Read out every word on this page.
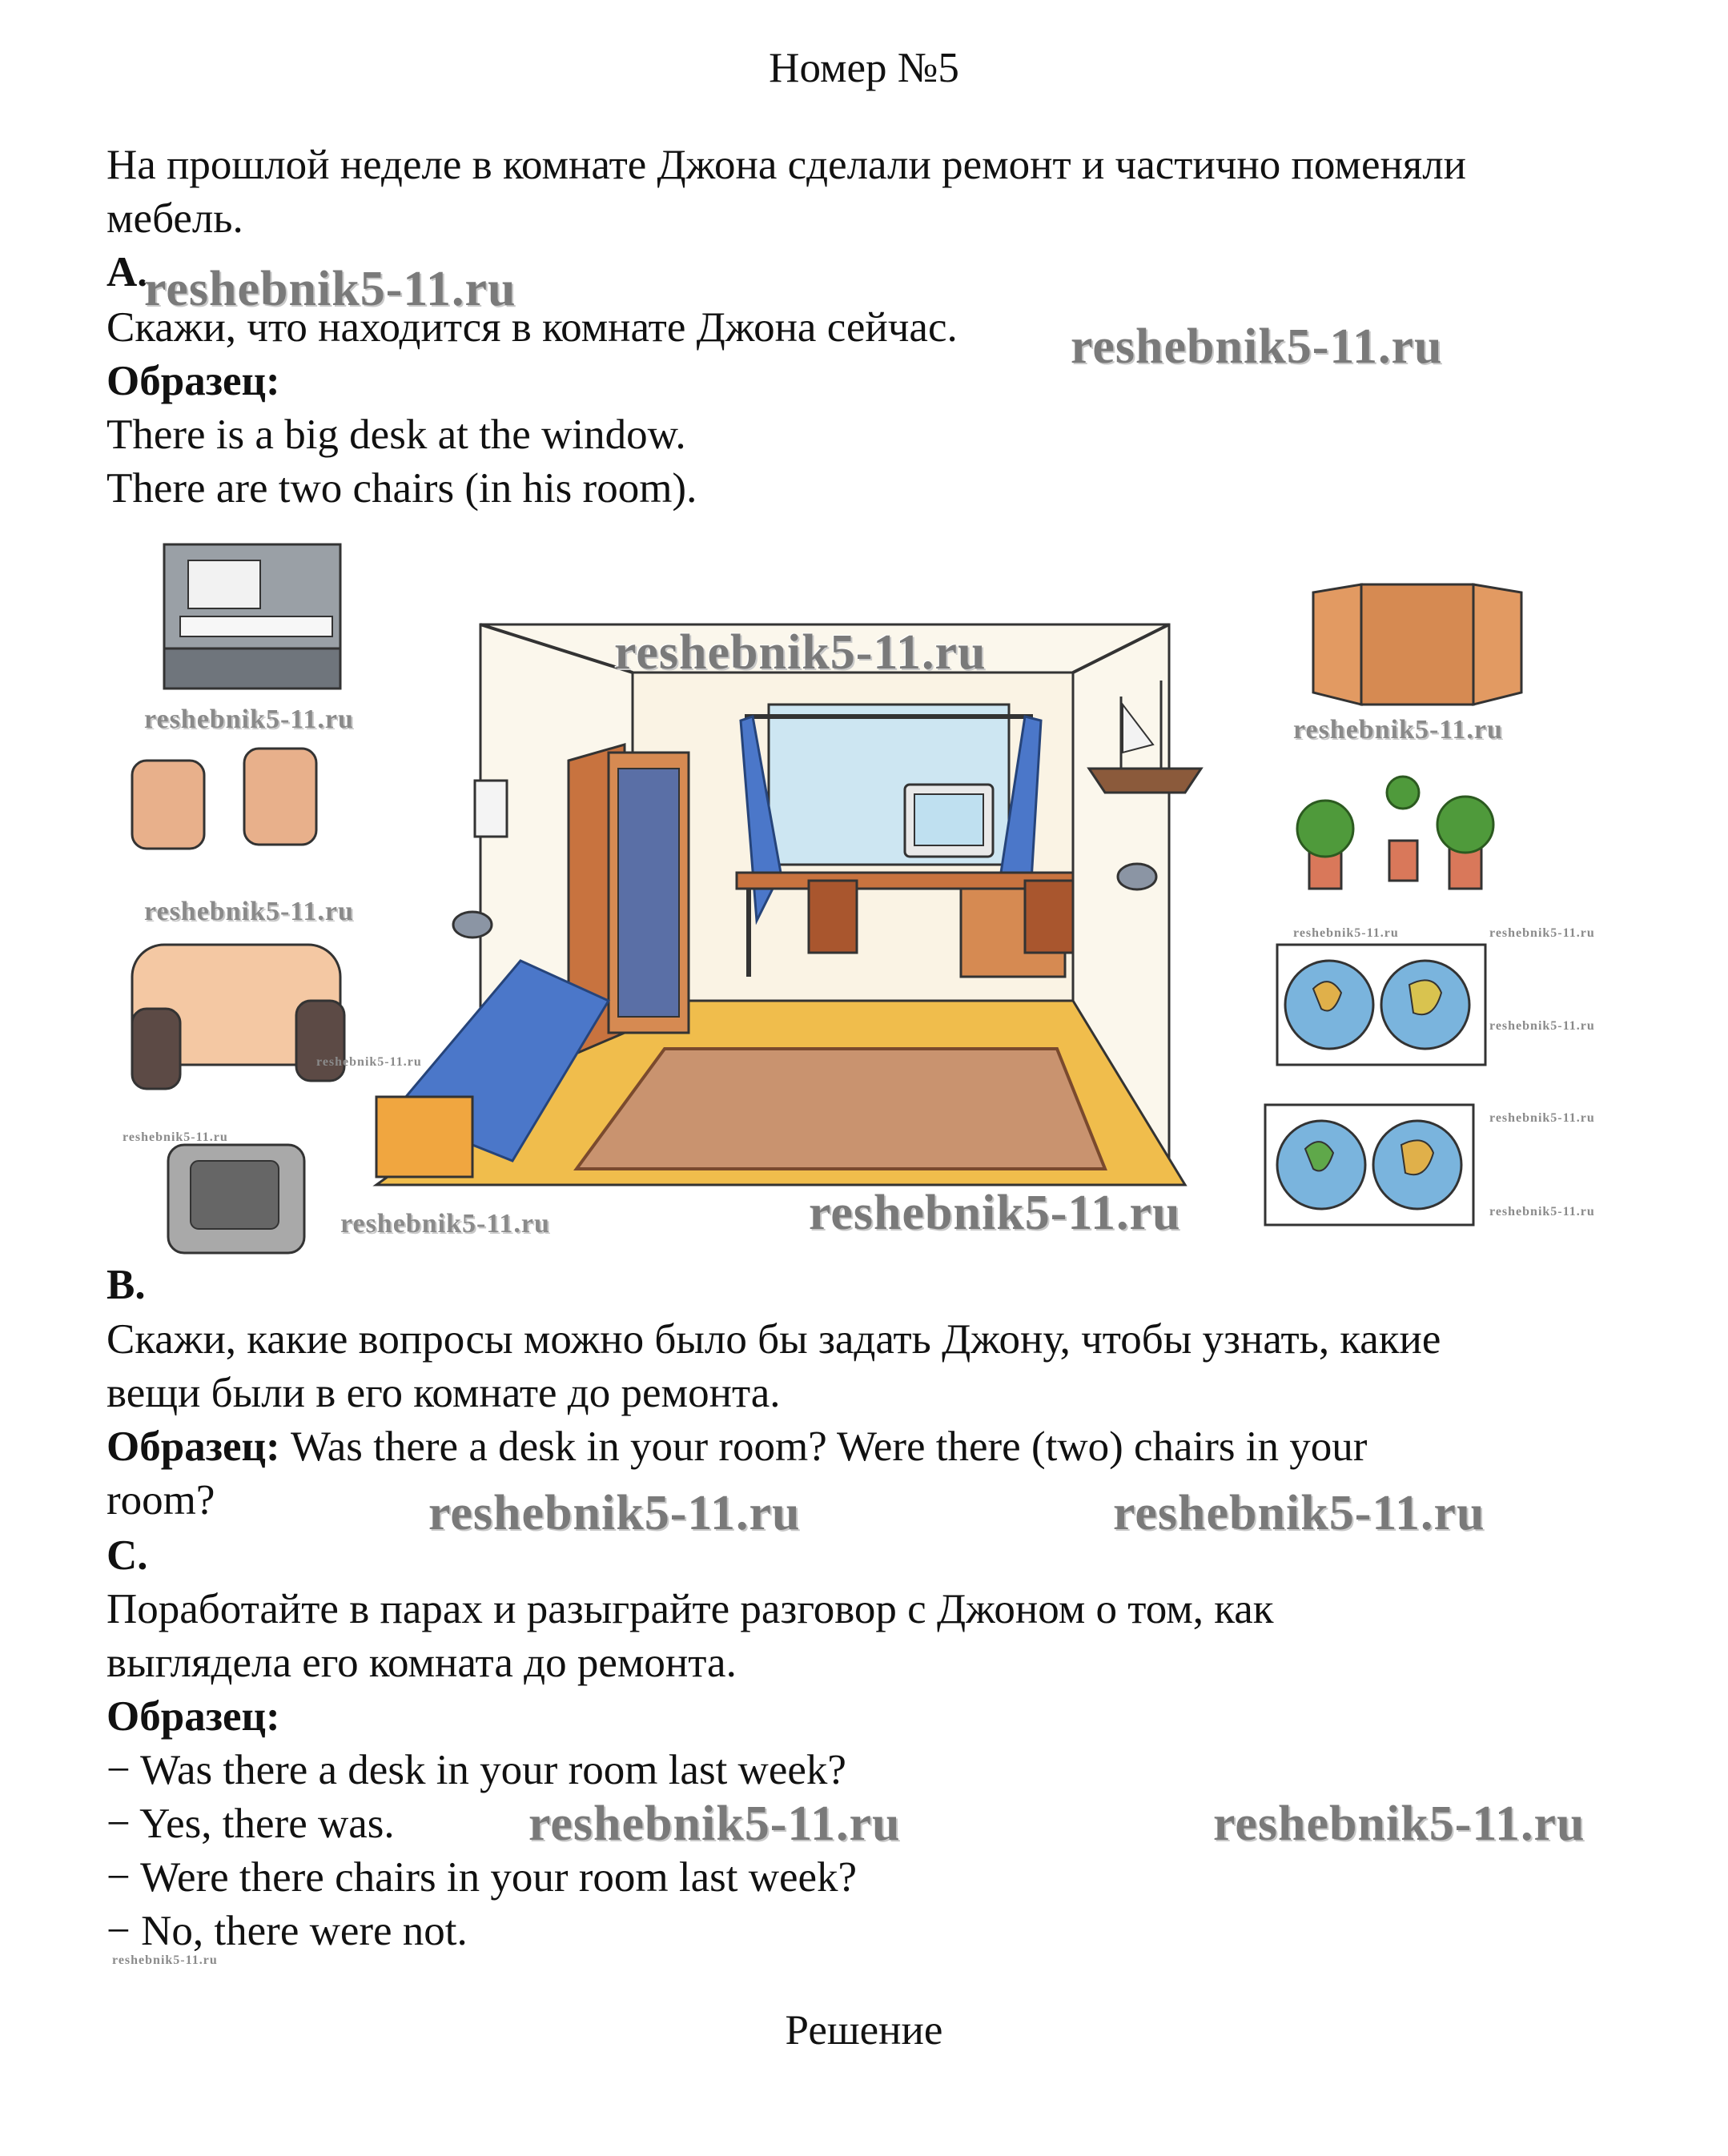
Номер №5
На прошлой неделе в комнате Джона сделали ремонт и частично поменяли
мебель.
A.
Скажи, что находится в комнате Джона сейчас.
Образец:
There is a big desk at the window.
There are two chairs (in his room).
B.
Скажи, какие вопросы можно было бы задать Джону, чтобы узнать, какие
вещи были в его комнате до ремонта.
Образец: Was there a desk in your room? Were there (two) chairs in your
room?
C.
Поработайте в парах и разыграйте разговор с Джоном о том, как
выглядела его комната до ремонта.
Образец:
− Was there a desk in your room last week?
− Yes, there was.
− Were there chairs in your room last week?
− No, there were not.
Решение
reshebnik5-11.ru
reshebnik5-11.ru
reshebnik5-11.ru
reshebnik5-11.ru
reshebnik5-11.ru	reshebnik5-11.ru
reshebnik5-11.ru	reshebnik5-11.ru
reshebnik5-11.ru
reshebnik5-11.ru
reshebnik5-11.ru
reshebnik5-11.ru
reshebnik5-11.ru
reshebnik5-11.ru
reshebnik5-11.ru	reshebnik5-11.ru
reshebnik5-11.ru
reshebnik5-11.ru
reshebnik5-11.ru
reshebnik5-11.ru
